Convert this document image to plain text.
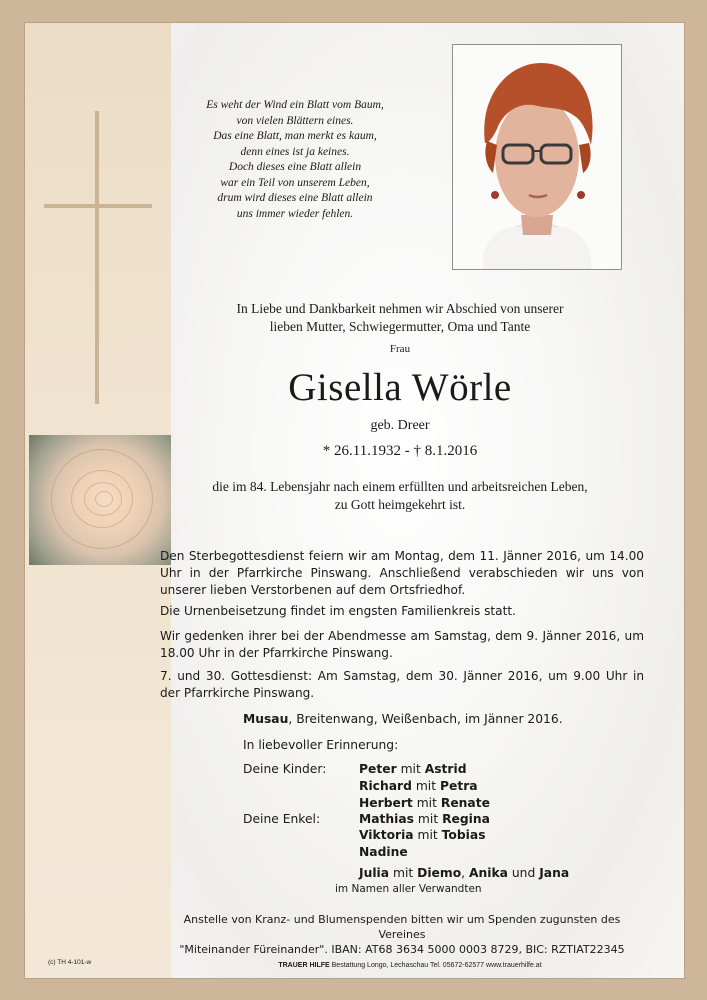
Es weht der Wind ein Blatt vom Baum,
von vielen Blättern eines.
Das eine Blatt, man merkt es kaum,
denn eines ist ja keines.
Doch dieses eine Blatt allein
war ein Teil von unserem Leben,
drum wird dieses eine Blatt allein
uns immer wieder fehlen.
In Liebe und Dankbarkeit nehmen wir Abschied von unserer
lieben Mutter, Schwiegermutter, Oma und Tante
Frau
Gisella Wörle
geb. Dreer
* 26.11.1932 - † 8.1.2016
die im 84. Lebensjahr nach einem erfüllten und arbeitsreichen Leben,
zu Gott heimgekehrt ist.
Den Sterbegottesdienst feiern wir am Montag, dem 11. Jänner 2016, um 14.00 Uhr in der Pfarrkirche Pinswang. Anschließend verabschieden wir uns von unserer lieben Verstorbenen auf dem Ortsfriedhof.
Die Urnenbeisetzung findet im engsten Familienkreis statt.
Wir gedenken ihrer bei der Abendmesse am Samstag, dem 9. Jänner 2016, um 18.00 Uhr in der Pfarrkirche Pinswang.
7. und 30. Gottesdienst: Am Samstag, dem 30. Jänner 2016, um 9.00 Uhr in der Pfarrkirche Pinswang.
Musau, Breitenwang, Weißenbach, im Jänner 2016.
In liebevoller Erinnerung:
Deine Kinder:	Peter mit Astrid
Richard mit Petra
Herbert mit Renate
Deine Enkel:	Mathias mit Regina
Viktoria mit Tobias
Nadine
Julia mit Diemo, Anika und Jana
im Namen aller Verwandten
Anstelle von Kranz- und Blumenspenden bitten wir um Spenden zugunsten des Vereines
"Miteinander Füreinander". IBAN: AT68 3634 5000 0003 8729, BIC: RZTIAT22345
(c) TH 4-101-w	TRAUER HILFE Bestattung Longo, Lechaschau Tel. 05672-62577 www.trauerhilfe.at
